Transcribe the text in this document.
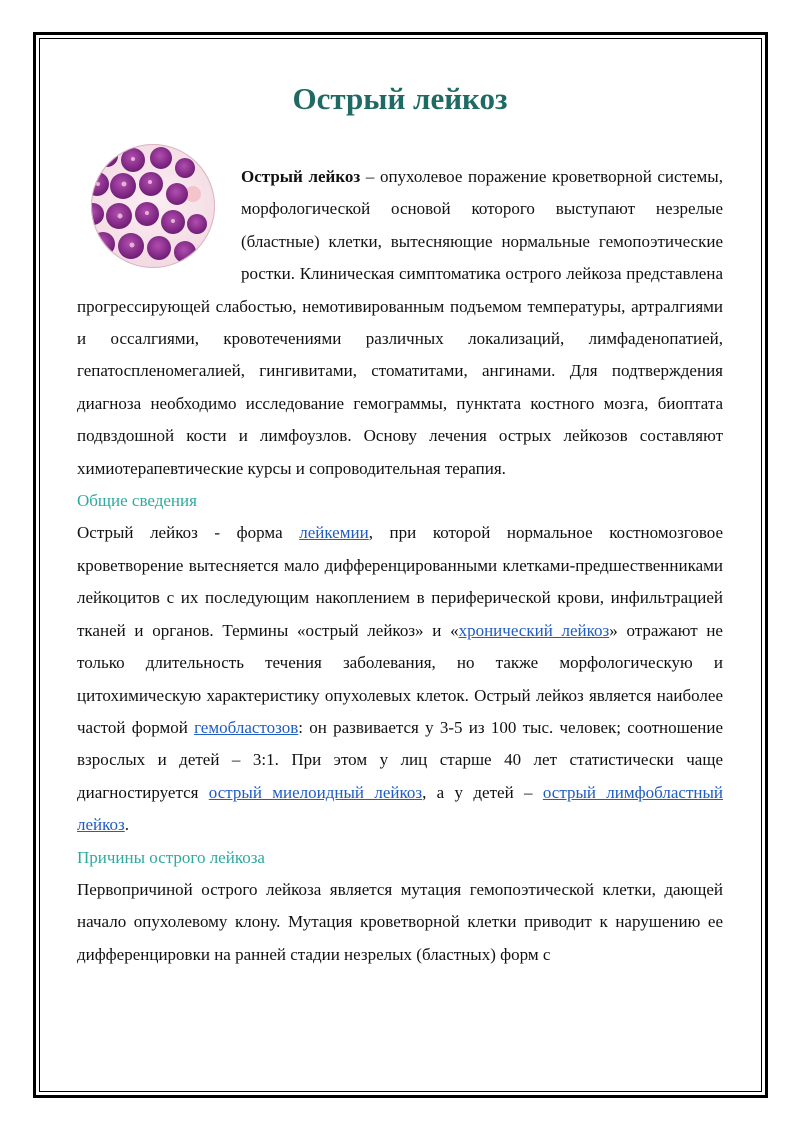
Острый лейкоз

Острый лейкоз – опухолевое поражение кроветворной системы, морфологической основой которого выступают незрелые (бластные) клетки, вытесняющие нормальные гемопоэтические ростки. Клиническая симптоматика острого лейкоза представлена прогрессирующей слабостью, немотивированным подъемом температуры, артралгиями и оссалгиями, кровотечениями различных локализаций, лимфаденопатией, гепатоспленомегалией, гингивитами, стоматитами, ангинами. Для подтверждения диагноза необходимо исследование гемограммы, пунктата костного мозга, биоптата подвздошной кости и лимфоузлов. Основу лечения острых лейкозов составляют химиотерапевтические курсы и сопроводительная терапия.

Общие сведения

Острый лейкоз - форма лейкемии, при которой нормальное костномозговое кроветворение вытесняется мало дифференцированными клетками-предшественниками лейкоцитов с их последующим накоплением в периферической крови, инфильтрацией тканей и органов. Термины «острый лейкоз» и «хронический лейкоз» отражают не только длительность течения заболевания, но также морфологическую и цитохимическую характеристику опухолевых клеток. Острый лейкоз является наиболее частой формой гемобластозов: он развивается у 3-5 из 100 тыс. человек; соотношение взрослых и детей – 3:1. При этом у лиц старше 40 лет статистически чаще диагностируется острый миелоидный лейкоз, а у детей – острый лимфобластный лейкоз.

Причины острого лейкоза

Первопричиной острого лейкоза является мутация гемопоэтической клетки, дающей начало опухолевому клону. Мутация кроветворной клетки приводит к нарушению ее дифференцировки на ранней стадии незрелых (бластных) форм с
